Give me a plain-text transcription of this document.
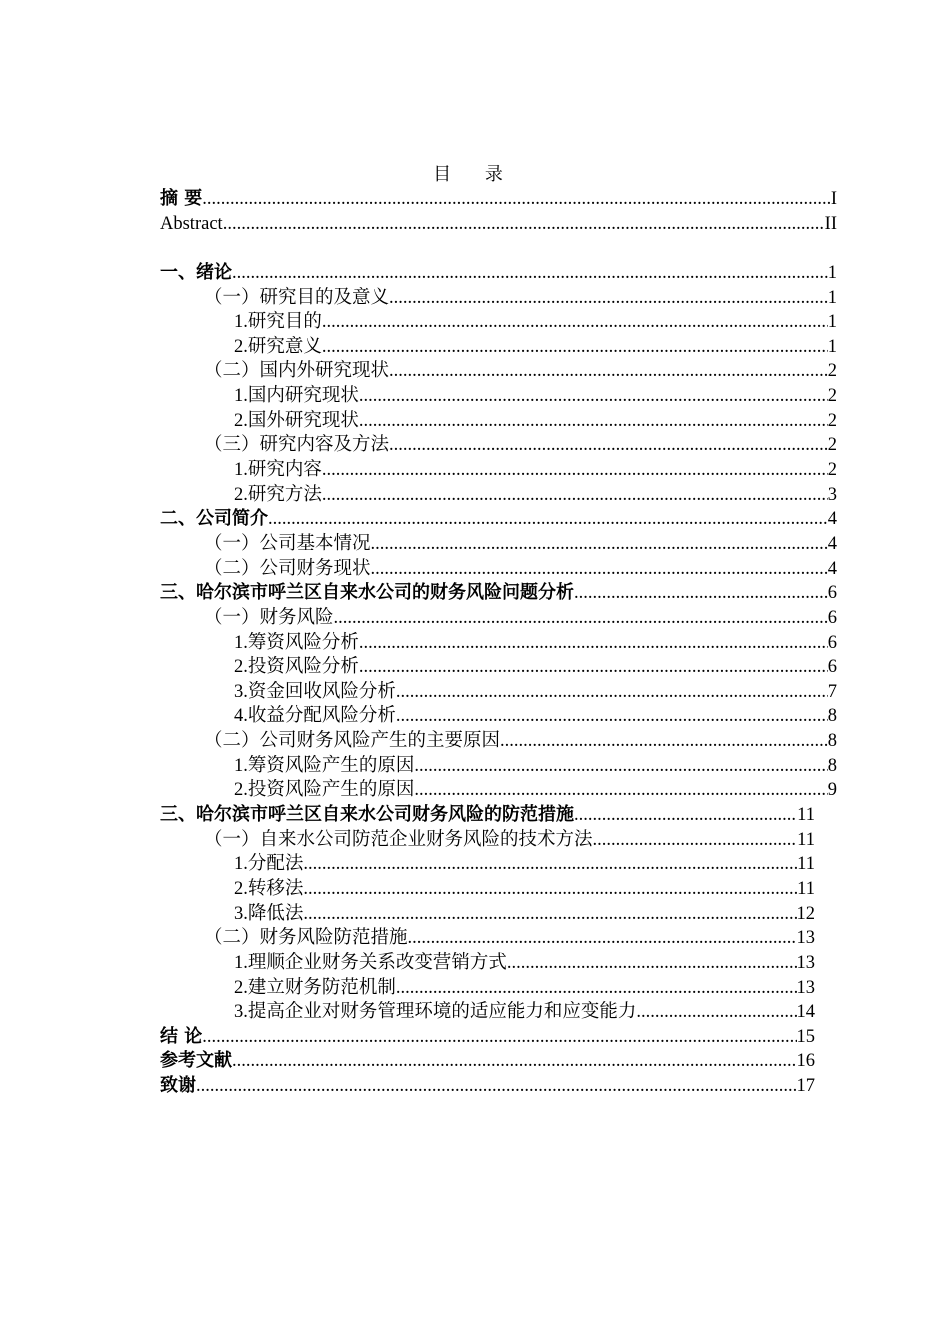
目 录
摘 要 .....	I
Abstract .....	II
一、绪论 .....	1
（一）研究目的及意义 .....	1
1.研究目的 .....	1
2.研究意义 .....	1
（二）国内外研究现状 .....	2
1.国内研究现状 .....	2
2.国外研究现状 .....	2
（三）研究内容及方法 .....	2
1.研究内容 .....	2
2.研究方法 .....	3
二、公司简介 .....	4
（一）公司基本情况 .....	4
（二）公司财务现状 .....	4
三、哈尔滨市呼兰区自来水公司的财务风险问题分析 .....	6
（一）财务风险 .....	6
1.筹资风险分析 .....	6
2.投资风险分析 .....	6
3.资金回收风险分析 .....	7
4.收益分配风险分析 .....	8
（二）公司财务风险产生的主要原因 .....	8
1.筹资风险产生的原因 .....	8
2.投资风险产生的原因 .....	9
三、哈尔滨市呼兰区自来水公司财务风险的防范措施 .....	11
（一）自来水公司防范企业财务风险的技术方法 .....	11
1.分配法 .....	11
2.转移法 .....	11
3.降低法 .....	12
（二）财务风险防范措施 .....	13
1.理顺企业财务关系改变营销方式 .....	13
2.建立财务防范机制 .....	13
3.提高企业对财务管理环境的适应能力和应变能力 .....	14
结 论 .....	15
参考文献 .....	16
致谢 .....	17
